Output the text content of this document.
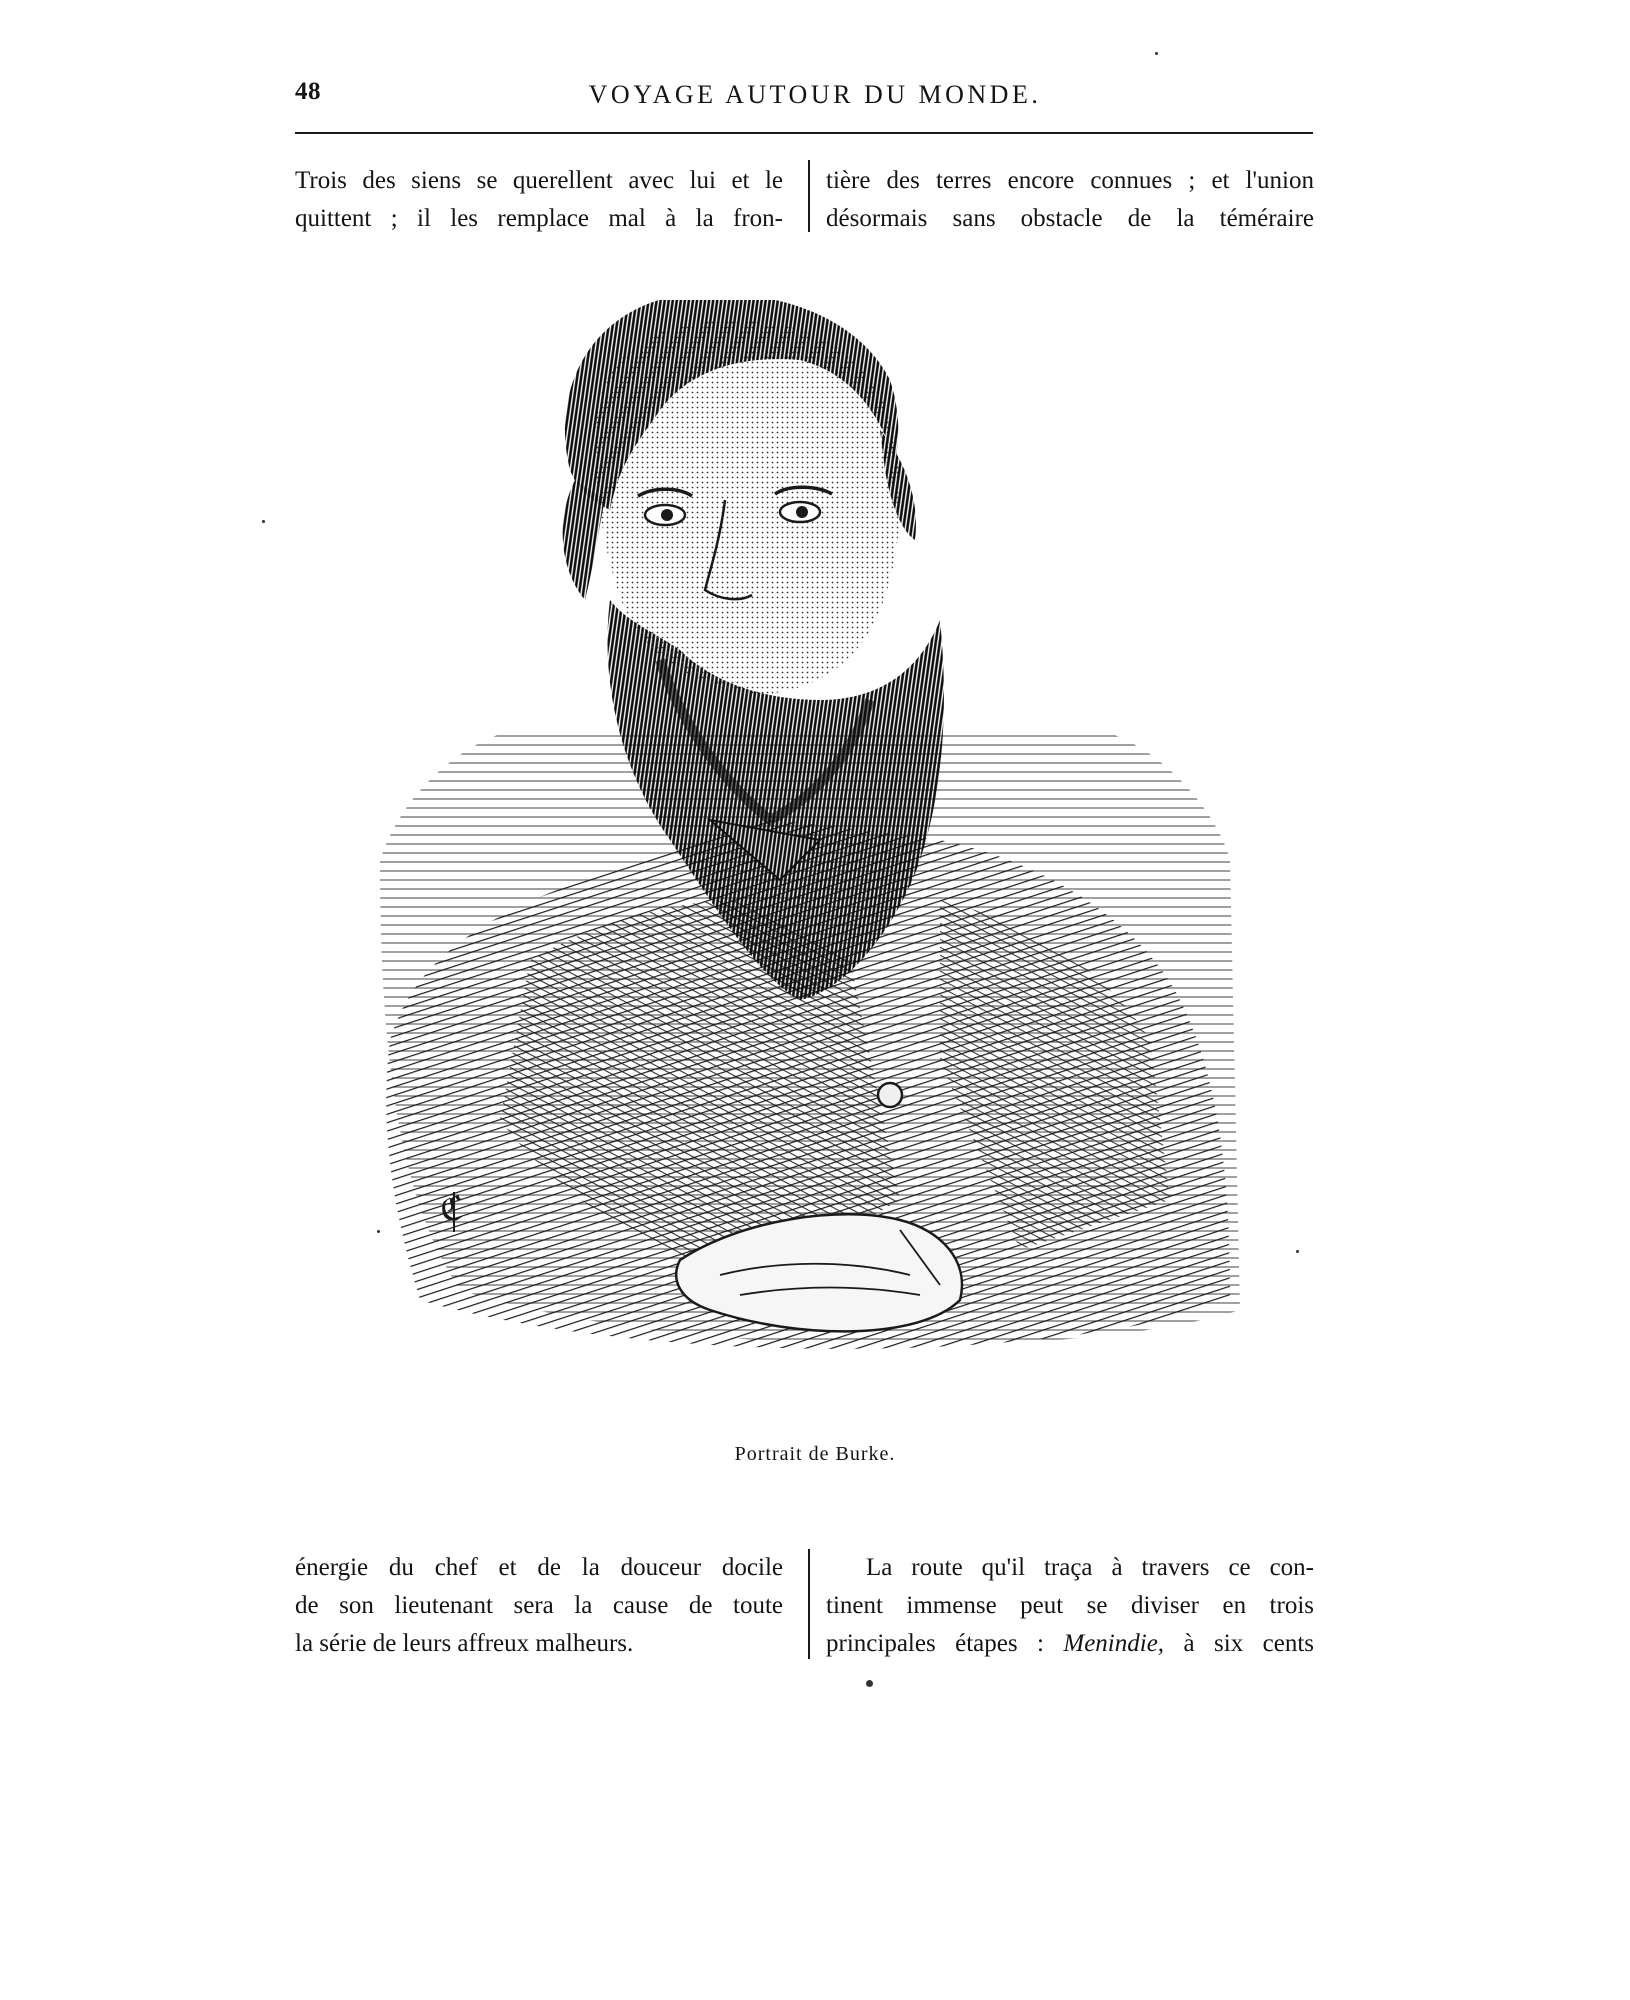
48	VOYAGE AUTOUR DU MONDE.
Trois des siens se querellent avec lui et le
quittent ; il les remplace mal à la fron-
tière des terres encore connues ; et l'union
désormais sans obstacle de la téméraire
ℭ
Portrait de Burke.
énergie du chef et de la douceur docile
de son lieutenant sera la cause de toute
la série de leurs affreux malheurs.
La route qu'il traça à travers ce con-
tinent immense peut se diviser en trois
principales étapes : Menindie, à six cents
